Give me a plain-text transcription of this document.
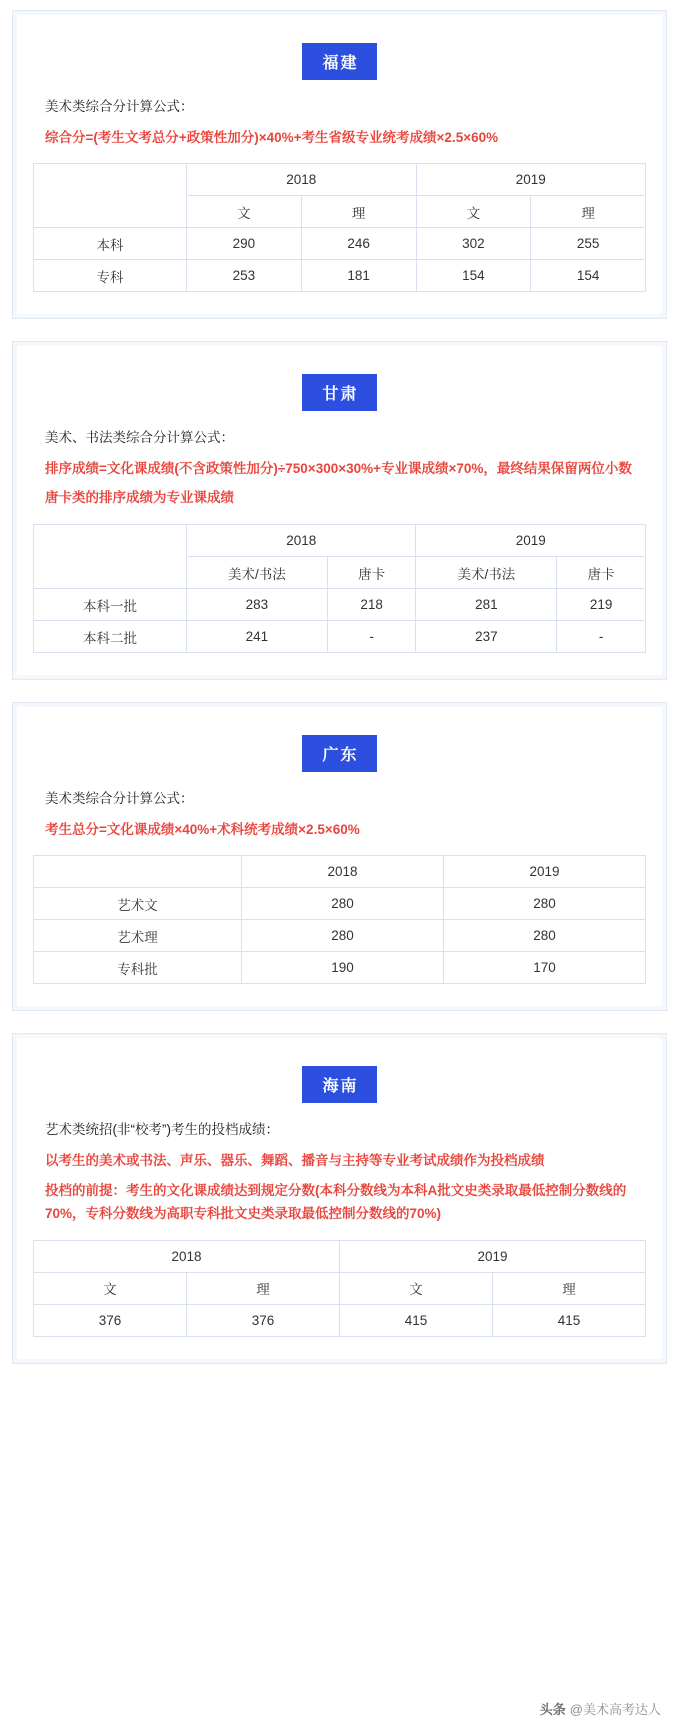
福建
美术类综合分计算公式：
综合分=(考生文考总分+政策性加分)×40%+考生省级专业统考成绩×2.5×60%
	2018		2019	
	文	理	文	理
本科	290	246	302	255
专科	253	181	154	154
甘肃
美术、书法类综合分计算公式：
排序成绩=文化课成绩(不含政策性加分)÷750×300×30%+专业课成绩×70%，最终结果保留两位小数
唐卡类的排序成绩为专业课成绩
	2018		2019	
	美术/书法	唐卡	美术/书法	唐卡
本科一批	283	218	281	219
本科二批	241	-	237	-
广东
美术类综合分计算公式：
考生总分=文化课成绩×40%+术科统考成绩×2.5×60%
	2018	2019
艺术文	280	280
艺术理	280	280
专科批	190	170
海南
艺术类统招(非“校考”)考生的投档成绩：
以考生的美术或书法、声乐、器乐、舞蹈、播音与主持等专业考试成绩作为投档成绩
投档的前提：考生的文化课成绩达到规定分数(本科分数线为本科A批文史类录取最低控制分数线的70%，专科分数线为高职专科批文史类录取最低控制分数线的70%)
2018		2019	
文	理	文	理
376	376	415	415
头条 @美术高考达人
